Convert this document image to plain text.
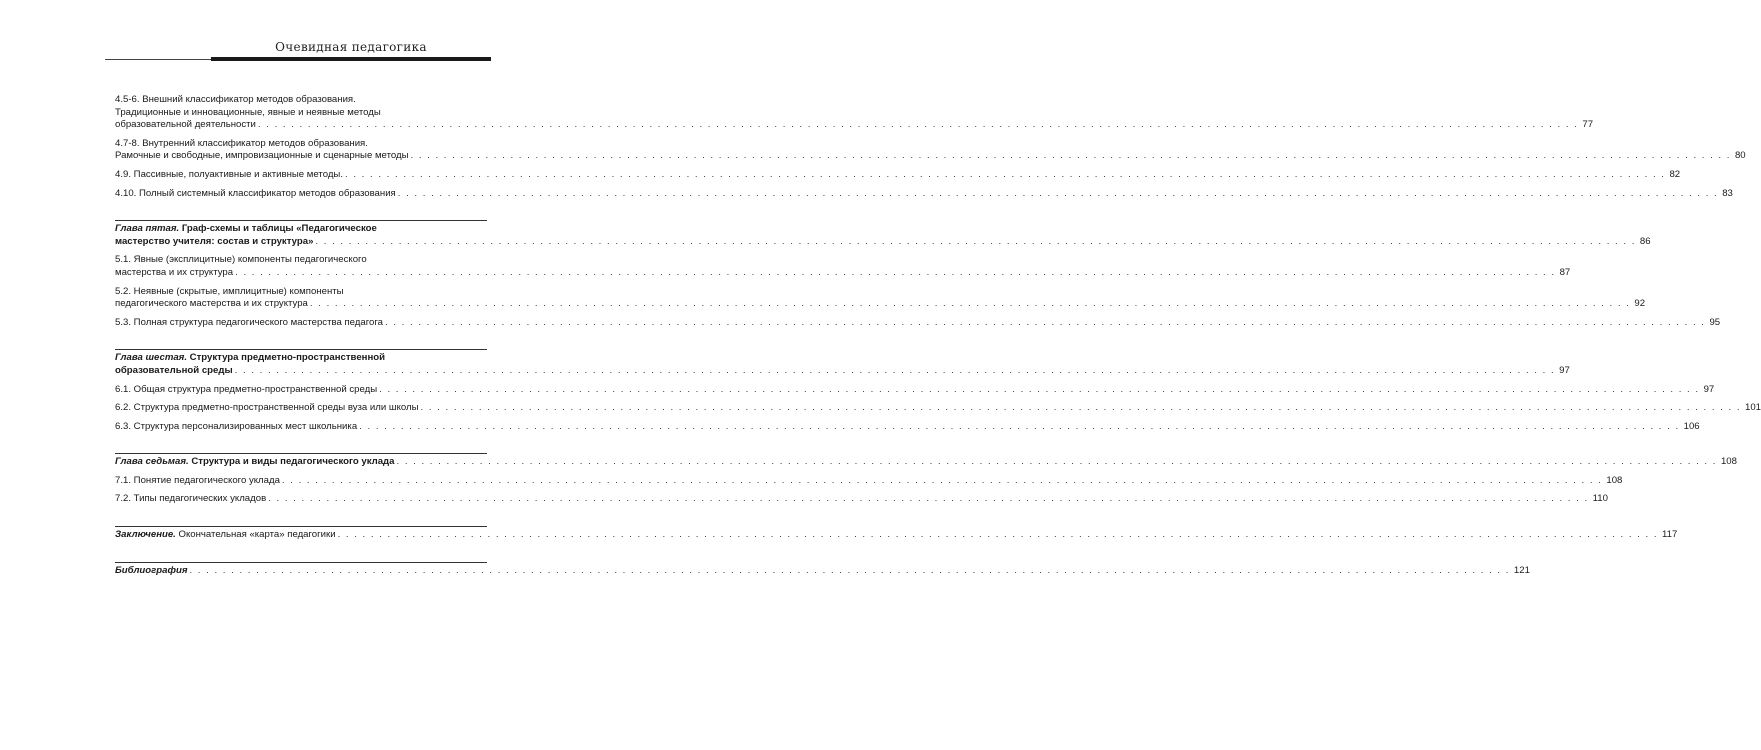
Очевидная педагогика
4.5-6. Внешний классификатор методов образования.
Традиционные и инновационные, явные и неявные методы
образовательной деятельности . . .	77
4.7-8. Внутренний классификатор методов образования.
Рамочные и свободные, импровизационные и сценарные методы . . .	80
4.9. Пассивные, полуактивные и активные методы. . . .	82
4.10. Полный системный классификатор методов образования . . .	83
Глава пятая. Граф-схемы и таблицы «Педагогическое
мастерство учителя: состав и структура» . . .	86
5.1. Явные (эксплицитные) компоненты педагогического
мастерства и их структура . . .	87
5.2. Неявные (скрытые, имплицитные) компоненты
педагогического мастерства и их структура . . .	92
5.3. Полная структура педагогического мастерства педагога . . .	95
Глава шестая. Структура предметно-пространственной
образовательной среды . . .	97
6.1. Общая структура предметно-пространственной среды . . .	97
6.2. Структура предметно-пространственной среды вуза или школы . . .	101
6.3. Структура персонализированных мест школьника . . .	106
Глава седьмая. Структура и виды педагогического уклада . . .	108
7.1. Понятие педагогического уклада . . .	108
7.2. Типы педагогических укладов . . .	110
Заключение. Окончательная «карта» педагогики . . .	117
Библиография . . .	121
